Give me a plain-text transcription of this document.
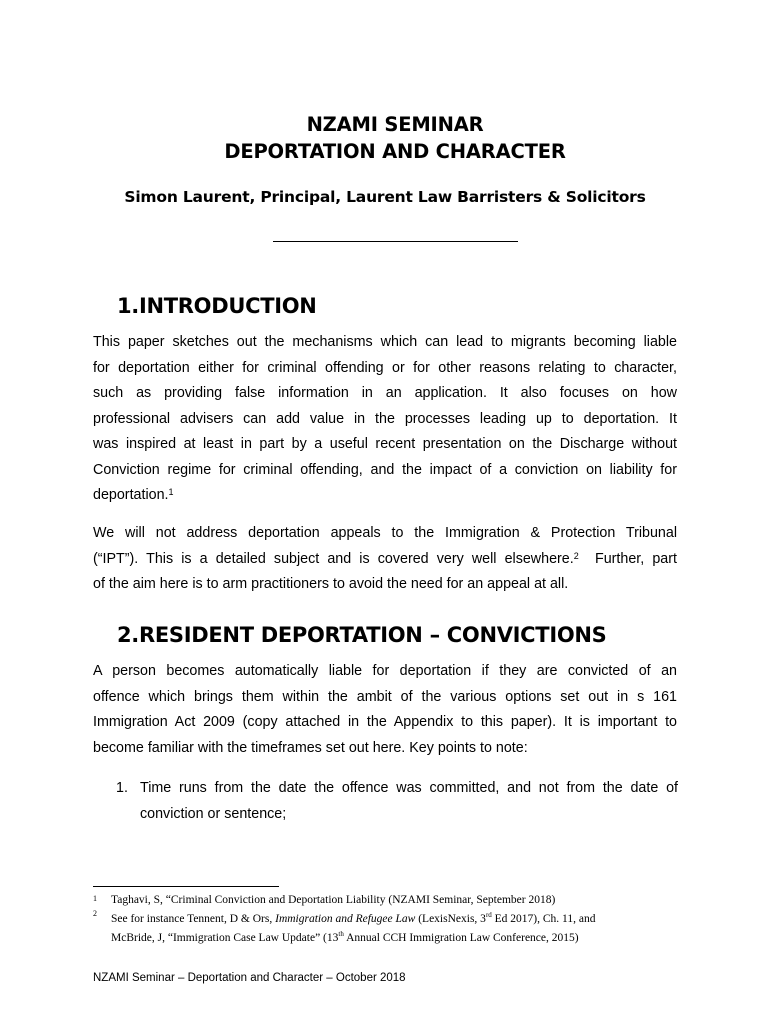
NZAMI SEMINAR
DEPORTATION AND CHARACTER
Simon Laurent, Principal, Laurent Law Barristers & Solicitors
1.INTRODUCTION
This paper sketches out the mechanisms which can lead to migrants becoming liable
for deportation either for criminal offending or for other reasons relating to character,
such as providing false information in an application. It also focuses on how
professional advisers can add value in the processes leading up to deportation. It
was inspired at least in part by a useful recent presentation on the Discharge without
Conviction regime for criminal offending, and the impact of a conviction on liability for
deportation.$^1$
We will not address deportation appeals to the Immigration & Protection Tribunal
(“IPT”). This is a detailed subject and is covered very well elsewhere.$^2$  Further, part
of the aim here is to arm practitioners to avoid the need for an appeal at all.
2.RESIDENT DEPORTATION – CONVICTIONS
A person becomes automatically liable for deportation if they are convicted of an
offence which brings them within the ambit of the various options set out in s 161
Immigration Act 2009 (copy attached in the Appendix to this paper). It is important to
become familiar with the timeframes set out here. Key points to note:
1. Time runs from the date the offence was committed, and not from the date of
conviction or sentence;
1 Taghavi, S, “Criminal Conviction and Deportation Liability (NZAMI Seminar, September 2018)
2 See for instance Tennent, D & Ors, Immigration and Refugee Law (LexisNexis, 3rd Ed 2017), Ch. 11, and
McBride, J, “Immigration Case Law Update” (13th Annual CCH Immigration Law Conference, 2015)
NZAMI Seminar – Deportation and Character – October 2018
